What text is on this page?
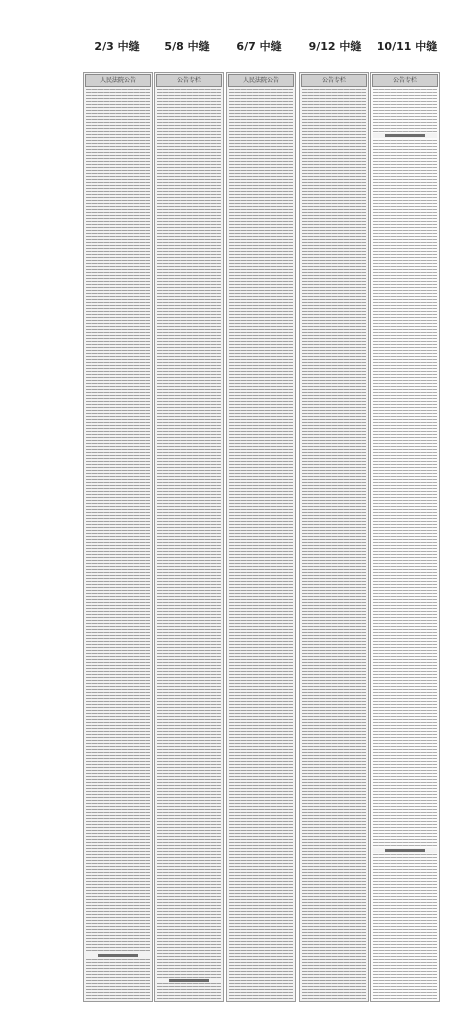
2/3 中缝	5/8 中缝	6/7 中缝	9/12 中缝	10/11 中缝
人民法院公告	公告专栏	人民法院公告	公告专栏	公告专栏
